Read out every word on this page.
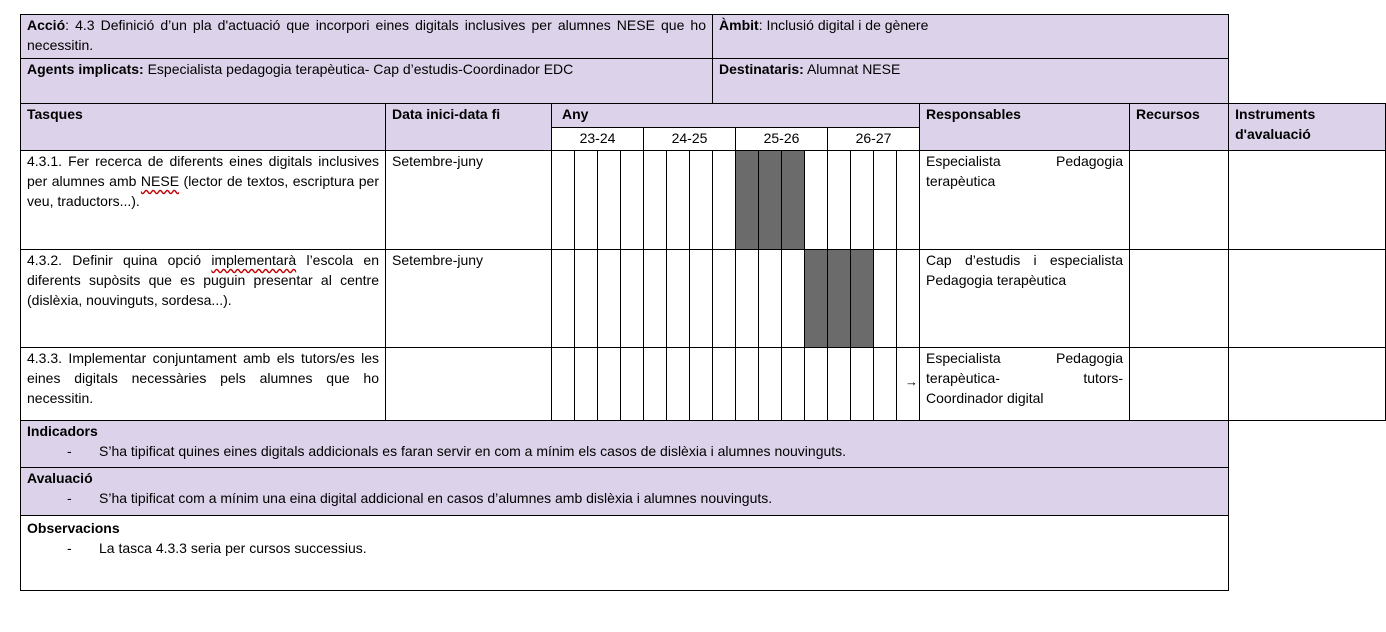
Acció: 4.3 Definició d’un pla d'actuació que incorpori eines digitals inclusives per alumnes NESE que ho necessitin.									Àmbit: Inclusió digital i de gènere											
Agents implicats: Especialista pedagogia terapèutica- Cap d’estudis-Coordinador EDC									Destinataris: Alumnat NESE											
Tasques	Data inici-data fi	Any																Responsables	Recursos	Instruments d'avaluació
		23-24				24-25				25-26				26-27						
4.3.1. Fer recerca de diferents eines digitals inclusives per alumnes amb NESE (lector de textos, escriptura per veu, traductors...).	Setembre-juny																	Especialista Pedagogia terapèutica		
4.3.2. Definir quina opció implementarà l’escola en diferents supòsits que es puguin presentar al centre (dislèxia, nouvinguts, sordesa...).	Setembre-juny																	Cap d’estudis i especialista Pedagogia terapèutica		
4.3.3. Implementar conjuntament amb els tutors/es les eines digitals necessàries pels alumnes que ho necessitin.																	→	Especialista Pedagogia terapèutica- tutors- Coordinador digital		

Indicadors
- S’ha tipificat quines eines digitals addicionals es faran servir en com a mínim els casos de dislèxia i alumnes nouvinguts.																				

Avaluació
- S’ha tipificat com a mínim una eina digital addicional en casos d’alumnes amb dislèxia i alumnes nouvinguts.																				

Observacions
- La tasca 4.3.3 seria per cursos successius.																				
